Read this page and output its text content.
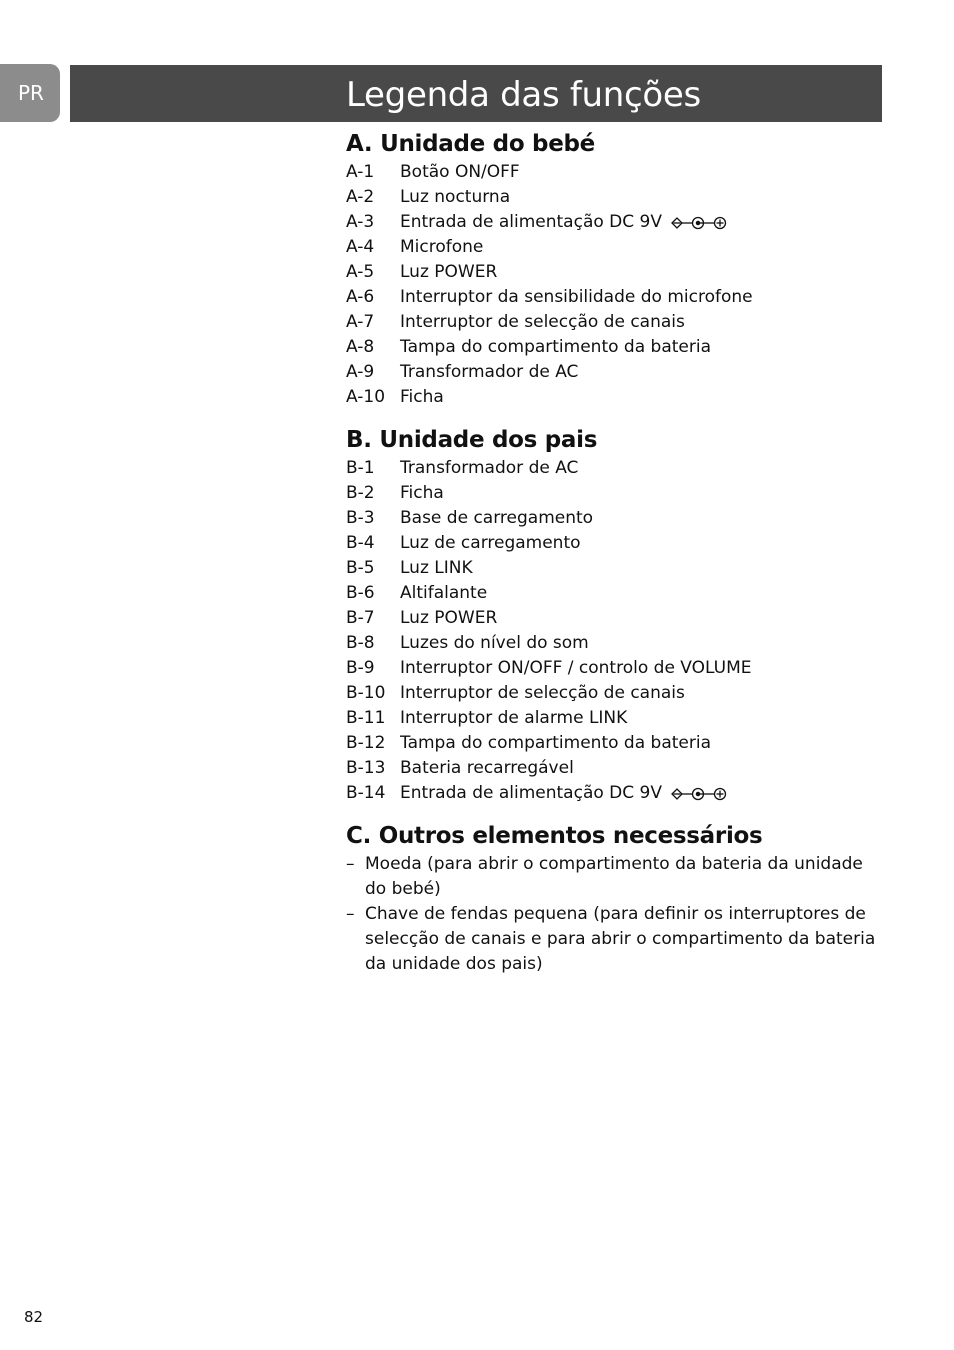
PR	Legenda das funções
A. Unidade do bebé
A-1	Botão ON/OFF
A-2	Luz nocturna
A-3	Entrada de alimentação DC 9V
A-4	Microfone
A-5	Luz POWER
A-6	Interruptor da sensibilidade do microfone
A-7	Interruptor de selecção de canais
A-8	Tampa do compartimento da bateria
A-9	Transformador de AC
A-10 Ficha
B. Unidade dos pais
B-1	Transformador de AC
B-2	Ficha
B-3	Base de carregamento
B-4	Luz de carregamento
B-5	Luz LINK
B-6	Altifalante
B-7	Luz POWER
B-8	Luzes do nível do som
B-9	Interruptor ON/OFF / controlo de VOLUME
B-10 Interruptor de selecção de canais
B-11 Interruptor de alarme LINK
B-12 Tampa do compartimento da bateria
B-13 Bateria recarregável
B-14 Entrada de alimentação DC 9V
C. Outros elementos necessários
– Moeda (para abrir o compartimento da bateria da unidade do bebé)
– Chave de fendas pequena (para definir os interruptores de selecção de canais e para abrir o compartimento da bateria da unidade dos pais)
82
